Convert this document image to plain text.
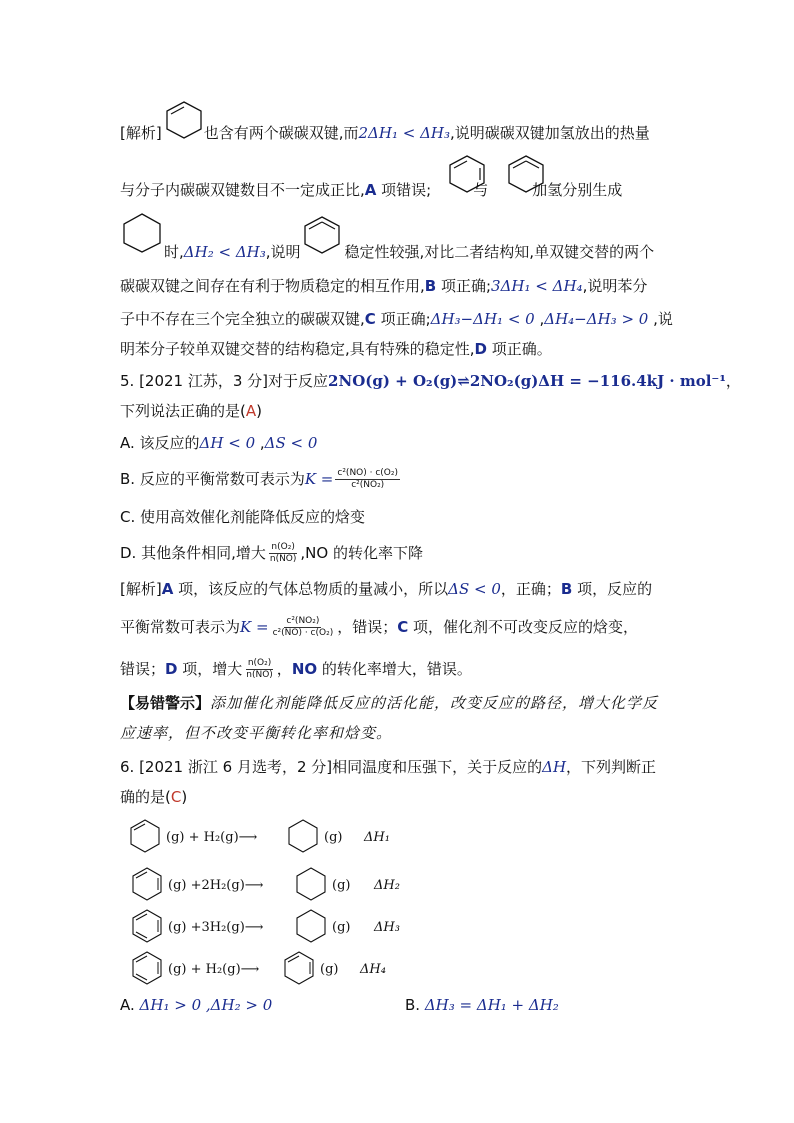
[解析]	也含有两个碳碳双键,而2ΔH₁ < ΔH₃,说明碳碳双键加氢放出的热量
与分子内碳碳双键数目不一定成正比,A 项错误;	与	加氢分别生成
时,ΔH₂ < ΔH₃,说明	稳定性较强,对比二者结构知,单双键交替的两个
碳碳双键之间存在有利于物质稳定的相互作用,B 项正确;3ΔH₁ < ΔH₄,说明苯分
子中不存在三个完全独立的碳碳双键,C 项正确;ΔH₃−ΔH₁ < 0 ,ΔH₄−ΔH₃ > 0 ,说
明苯分子较单双键交替的结构稳定,具有特殊的稳定性,D 项正确。
5. [2021 江苏，3 分]对于反应2NO(g) + O₂(g)⇌2NO₂(g)ΔH = −116.4kJ · mol⁻¹，
下列说法正确的是(A)
A. 该反应的ΔH < 0 ,ΔS < 0
B. 反应的平衡常数可表示为$K = \frac{\text{c²(NO) · c(O₂)}}{\text{c²(NO₂)}}$
C. 使用高效催化剂能降低反应的焓变
D. 其他条件相同,增大 $\frac{\text{n(O₂)}}{n(NO)} ,NO$ 的转化率下降
[解析]A 项，该反应的气体总物质的量减小，所以ΔS < 0，正确；B 项，反应的
平衡常数可表示为$K = \frac{\text{c²(NO₂)}}{\text{c²(NO) · c(O₂)}}$ ，错误；C 项，催化剂不可改变反应的焓变，
错误；D 项，增大 $\frac{\text{n(O₂)}}{n(NO)}$ ，NO 的转化率增大，错误。
【易错警示】添加催化剂能降低反应的活化能，改变反应的路径，增大化学反
应速率，但不改变平衡转化率和焓变。
6. [2021 浙江 6 月选考，2 分]相同温度和压强下，关于反应的ΔH，下列判断正
确的是(C)
(g) + H₂(g)⟶	(g) ΔH₁
(g) +2H₂(g)⟶	(g) ΔH₂
(g) +3H₂(g)⟶	(g) ΔH₃
(g) + H₂(g)⟶	(g) ΔH₄
A. ΔH₁ > 0 ,ΔH₂ > 0	B. ΔH₃ = ΔH₁ + ΔH₂
